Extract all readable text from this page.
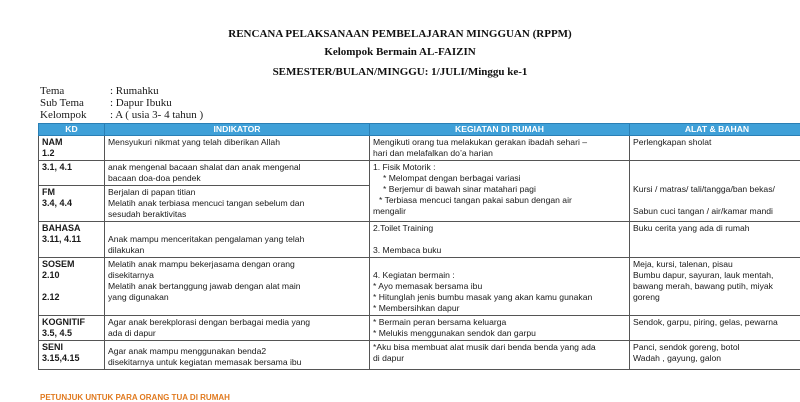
RENCANA PELAKSANAAN PEMBELAJARAN MINGGUAN (RPPM)
Kelompok Bermain AL-FAIZIN
SEMESTER/BULAN/MINGGU: 1/JULI/Minggu ke-1
Tema	: Rumahku
Sub Tema : Dapur Ibuku
Kelompok : A ( usia 3- 4 tahun )
KD	INDIKATOR	KEGIATAN DI RUMAH	ALAT & BAHAN

NAM
1.2	Mensyukuri nikmat yang telah diberikan Allah	Mengikuti orang tua melakukan gerakan ibadah sehari –
hari dan melafalkan do’a harian	Perlengkapan sholat

3.1, 4.1	anak mengenal bacaan shalat dan anak mengenal
bacaan doa-doa pendek	1. Fisik Motorik :
* Melompat dengan berbagai variasi
* Berjemur di bawah sinar matahari pagi
* Terbiasa mencuci tangan pakai sabun dengan air
mengalir	Kursi / matras/ tali/tangga/ban bekas/
Sabun cuci tangan / air/kamar mandi

FM
3.4, 4.4	Berjalan di papan titian
Melatih anak terbiasa mencuci tangan sebelum dan
sesudah beraktivitas		

BAHASA
3.11, 4.11	Anak mampu menceritakan pengalaman yang telah
dilakukan	2.Toilet Training
3. Membaca buku	Buku cerita yang ada di rumah

SOSEM
2.10
2.12	Melatih anak mampu bekerjasama dengan orang
disekitarnya
Melatih anak bertanggung jawab dengan alat main
yang digunakan	4. Kegiatan bermain :
* Ayo memasak bersama ibu
* Hitunglah jenis bumbu masak yang akan kamu gunakan
* Membersihkan dapur	Meja, kursi, talenan, pisau
Bumbu dapur, sayuran, lauk mentah,
bawang merah, bawang putih, miyak
goreng

KOGNITIF
3.5, 4.5	Agar anak berekplorasi dengan berbagai media yang
ada di dapur	* Bermain peran bersama keluarga
* Melukis menggunakan sendok dan garpu	Sendok, garpu, piring, gelas, pewarna

SENI
3.15,4.15	Agar anak mampu menggunakan benda2
disekitarnya untuk kegiatan memasak bersama ibu	*Aku bisa membuat alat musik dari benda benda yang ada
di dapur	Panci, sendok goreng, botol
Wadah , gayung, galon
PETUNJUK UNTUK PARA ORANG TUA DI RUMAH
